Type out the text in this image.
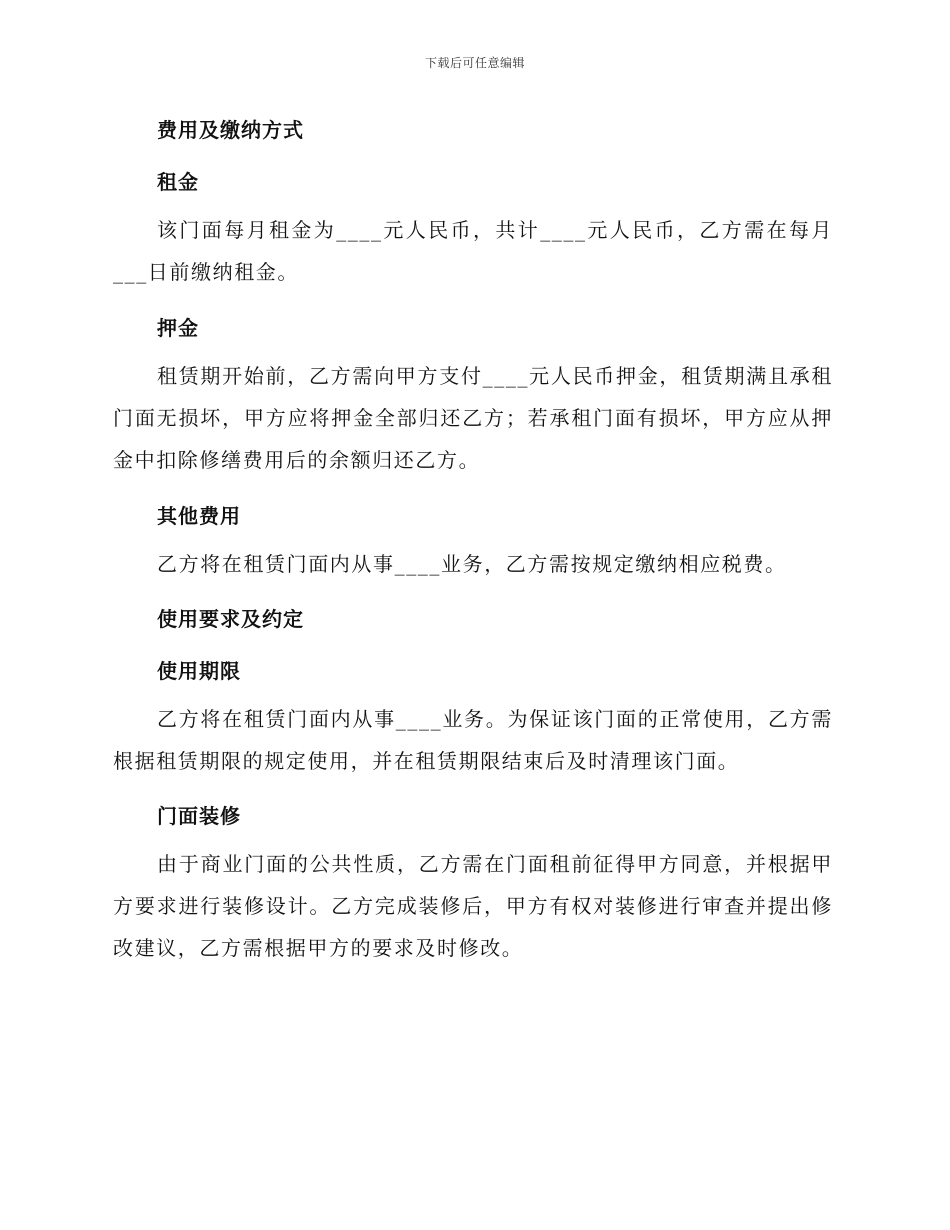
下载后可任意编辑
费用及缴纳方式
租金
该门面每月租金为____元人民币，共计____元人民币，乙方需在每月___日前缴纳租金。
押金
租赁期开始前，乙方需向甲方支付____元人民币押金，租赁期满且承租门面无损坏，甲方应将押金全部归还乙方；若承租门面有损坏，甲方应从押金中扣除修缮费用后的余额归还乙方。
其他费用
乙方将在租赁门面内从事____业务，乙方需按规定缴纳相应税费。
使用要求及约定
使用期限
乙方将在租赁门面内从事____业务。为保证该门面的正常使用，乙方需根据租赁期限的规定使用，并在租赁期限结束后及时清理该门面。
门面装修
由于商业门面的公共性质，乙方需在门面租前征得甲方同意，并根据甲方要求进行装修设计。乙方完成装修后，甲方有权对装修进行审查并提出修改建议，乙方需根据甲方的要求及时修改。
